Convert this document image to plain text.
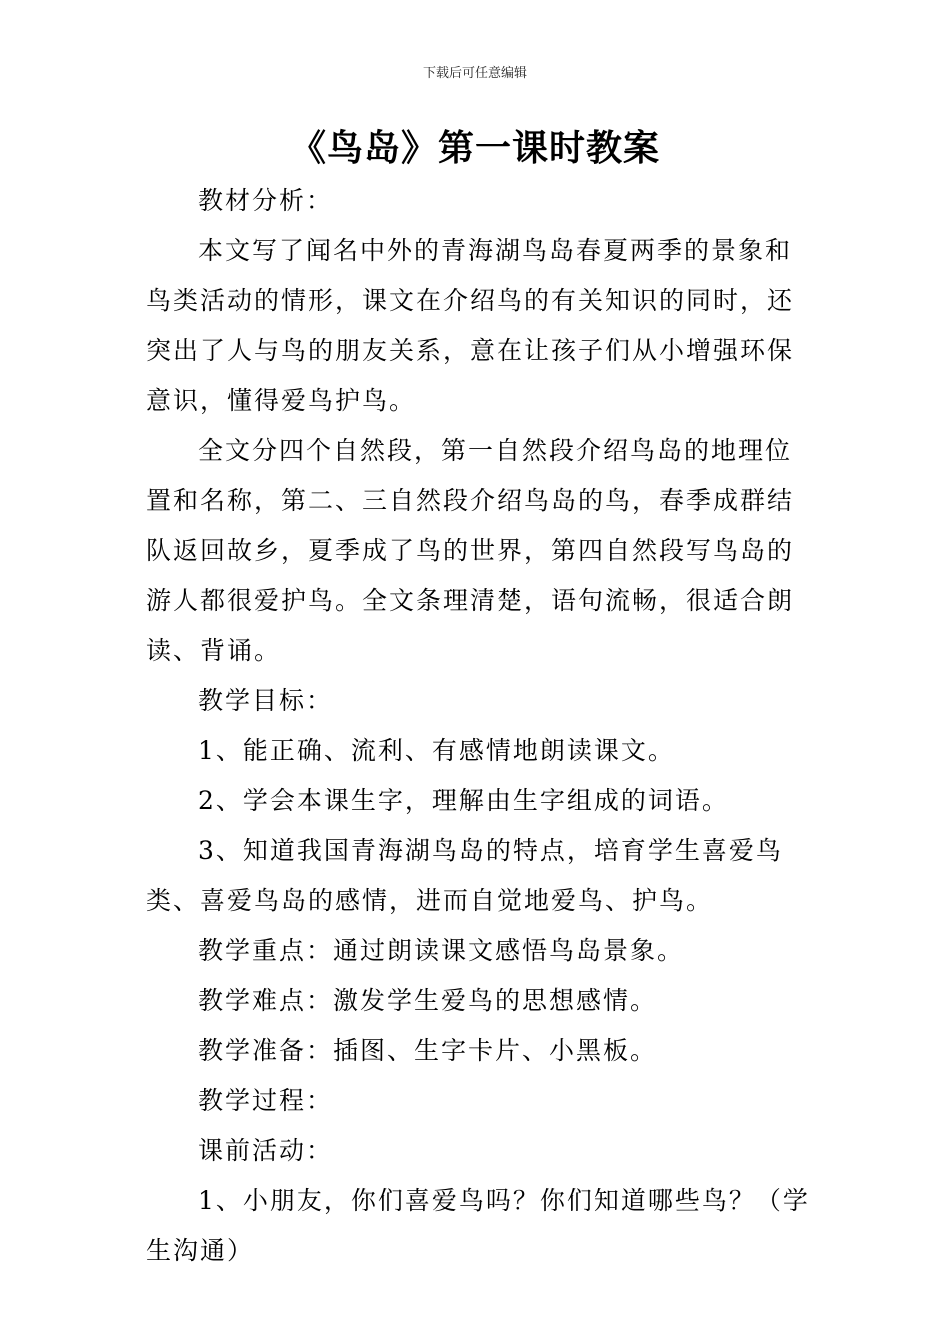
下载后可任意编辑
《鸟岛》第一课时教案

教材分析：

本文写了闻名中外的青海湖鸟岛春夏两季的景象和鸟类活动的情形，课文在介绍鸟的有关知识的同时，还突出了人与鸟的朋友关系，意在让孩子们从小增强环保意识，懂得爱鸟护鸟。

全文分四个自然段，第一自然段介绍鸟岛的地理位置和名称，第二、三自然段介绍鸟岛的鸟，春季成群结队返回故乡，夏季成了鸟的世界，第四自然段写鸟岛的游人都很爱护鸟。全文条理清楚，语句流畅，很适合朗读、背诵。

教学目标：

1、能正确、流利、有感情地朗读课文。

2、学会本课生字，理解由生字组成的词语。

3、知道我国青海湖鸟岛的特点，培育学生喜爱鸟类、喜爱鸟岛的感情，进而自觉地爱鸟、护鸟。

教学重点：通过朗读课文感悟鸟岛景象。

教学难点：激发学生爱鸟的思想感情。

教学准备：插图、生字卡片、小黑板。

教学过程：

课前活动：

1、小朋友，你们喜爱鸟吗？你们知道哪些鸟？（学生沟通）
